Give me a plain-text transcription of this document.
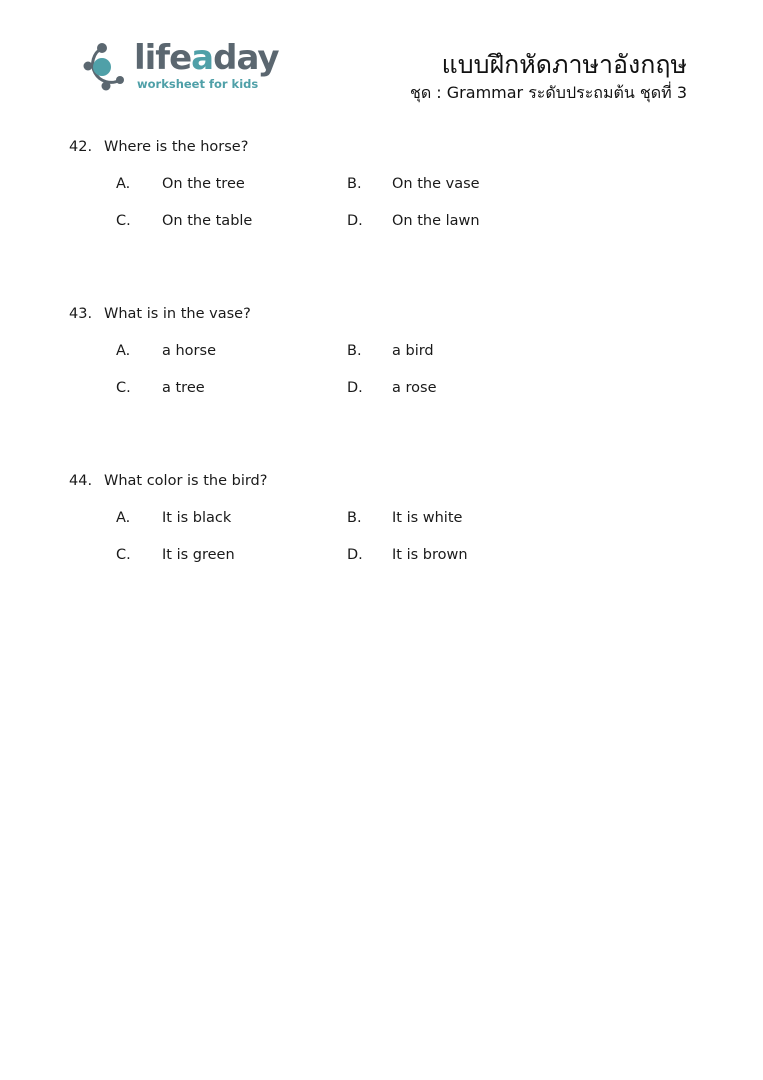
lifeaday
worksheet for kids
แบบฝึกหัดภาษาอังกฤษ
ชุด : Grammar ระดับประถมต้น ชุดที่ 3
42. Where is the horse?
A. On the tree	B. On the vase
C. On the table	D. On the lawn
43. What is in the vase?
A. a horse	B. a bird
C. a tree	D. a rose
44. What color is the bird?
A. It is black	B. It is white
C. It is green	D. It is brown
